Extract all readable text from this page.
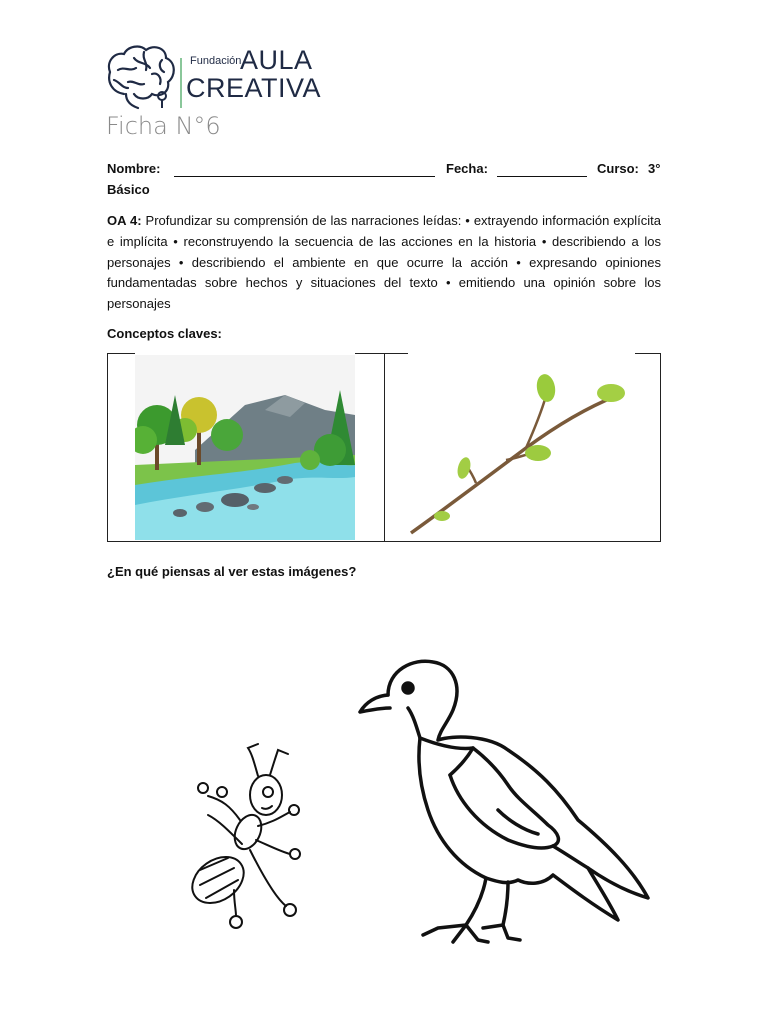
Fundación
AULA
CREATIVA
Ficha N°6
Nombre:	Fecha:	Curso: 3°
Básico
OA 4: Profundizar su comprensión de las narraciones leídas: • extrayendo información explícita e implícita • reconstruyendo la secuencia de las acciones en la historia • describiendo a los personajes • describiendo el ambiente en que ocurre la acción • expresando opiniones fundamentadas sobre hechos y situaciones del texto • emitiendo una opinión sobre los personajes
Conceptos claves:
¿En qué piensas al ver estas imágenes?
